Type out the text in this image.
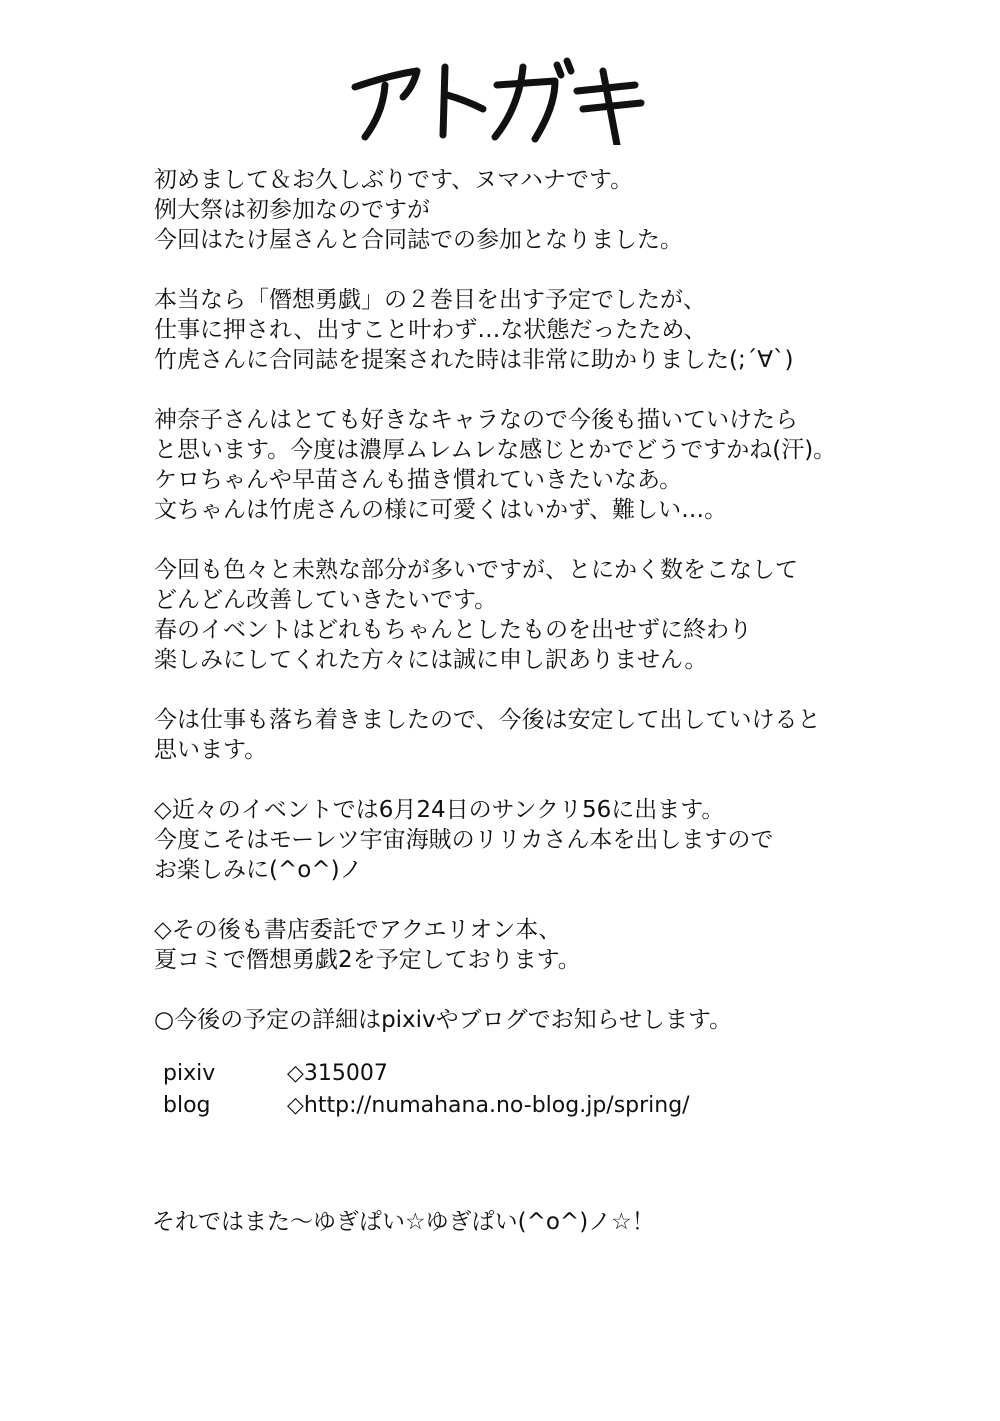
初めまして＆お久しぶりです、ヌマハナです。
例大祭は初参加なのですが
今回はたけ屋さんと合同誌での参加となりました。
本当なら「僭想勇戯」の２巻目を出す予定でしたが、
仕事に押され、出すこと叶わず…な状態だったため、
竹虎さんに合同誌を提案された時は非常に助かりました(;´∀`)
神奈子さんはとても好きなキャラなので今後も描いていけたら
と思います。今度は濃厚ムレムレな感じとかでどうですかね(汗)。
ケロちゃんや早苗さんも描き慣れていきたいなあ。
文ちゃんは竹虎さんの様に可愛くはいかず、難しい…。
今回も色々と未熟な部分が多いですが、とにかく数をこなして
どんどん改善していきたいです。
春のイベントはどれもちゃんとしたものを出せずに終わり
楽しみにしてくれた方々には誠に申し訳ありません。
今は仕事も落ち着きましたので、今後は安定して出していけると
思います。
◇近々のイベントでは6月24日のサンクリ56に出ます。
今度こそはモーレツ宇宙海賊のリリカさん本を出しますので
お楽しみに(^o^)ノ
◇その後も書店委託でアクエリオン本、
夏コミで僭想勇戯2を予定しております。
○今後の予定の詳細はpixivやブログでお知らせします。
pixiv	◇315007
blog	◇http://numahana.no-blog.jp/spring/
それではまた～ゆぎぱい☆ゆぎぱい(^o^)ノ☆！
